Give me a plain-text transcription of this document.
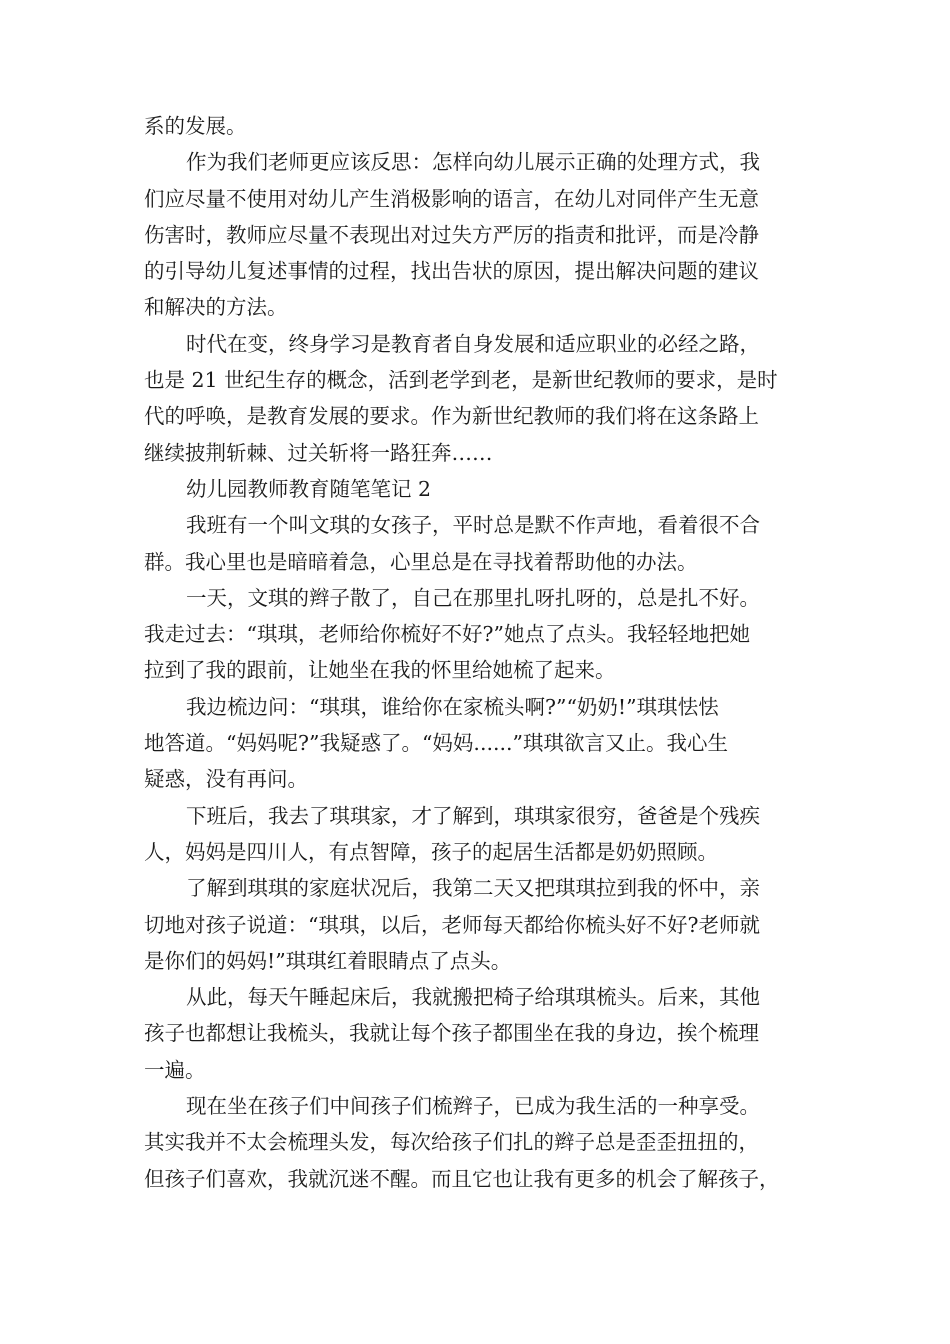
系的发展。
作为我们老师更应该反思：怎样向幼儿展示正确的处理方式，我
们应尽量不使用对幼儿产生消极影响的语言，在幼儿对同伴产生无意
伤害时，教师应尽量不表现出对过失方严厉的指责和批评，而是冷静
的引导幼儿复述事情的过程，找出告状的原因，提出解决问题的建议
和解决的方法。
时代在变，终身学习是教育者自身发展和适应职业的必经之路，
也是 21 世纪生存的概念，活到老学到老，是新世纪教师的要求，是时
代的呼唤，是教育发展的要求。作为新世纪教师的我们将在这条路上
继续披荆斩棘、过关斩将一路狂奔……
幼儿园教师教育随笔笔记 2
我班有一个叫文琪的女孩子，平时总是默不作声地，看着很不合
群。我心里也是暗暗着急，心里总是在寻找着帮助他的办法。
一天，文琪的辫子散了，自己在那里扎呀扎呀的，总是扎不好。
我走过去：“琪琪，老师给你梳好不好?”她点了点头。我轻轻地把她
拉到了我的跟前，让她坐在我的怀里给她梳了起来。
我边梳边问：“琪琪，谁给你在家梳头啊?”“奶奶!”琪琪怯怯
地答道。“妈妈呢?”我疑惑了。“妈妈......”琪琪欲言又止。我心生
疑惑，没有再问。
下班后，我去了琪琪家，才了解到，琪琪家很穷，爸爸是个残疾
人，妈妈是四川人，有点智障，孩子的起居生活都是奶奶照顾。
了解到琪琪的家庭状况后，我第二天又把琪琪拉到我的怀中，亲
切地对孩子说道：“琪琪，以后，老师每天都给你梳头好不好?老师就
是你们的妈妈!”琪琪红着眼睛点了点头。
从此，每天午睡起床后，我就搬把椅子给琪琪梳头。后来，其他
孩子也都想让我梳头，我就让每个孩子都围坐在我的身边，挨个梳理
一遍。
现在坐在孩子们中间孩子们梳辫子，已成为我生活的一种享受。
其实我并不太会梳理头发，每次给孩子们扎的辫子总是歪歪扭扭的，
但孩子们喜欢，我就沉迷不醒。而且它也让我有更多的机会了解孩子，
